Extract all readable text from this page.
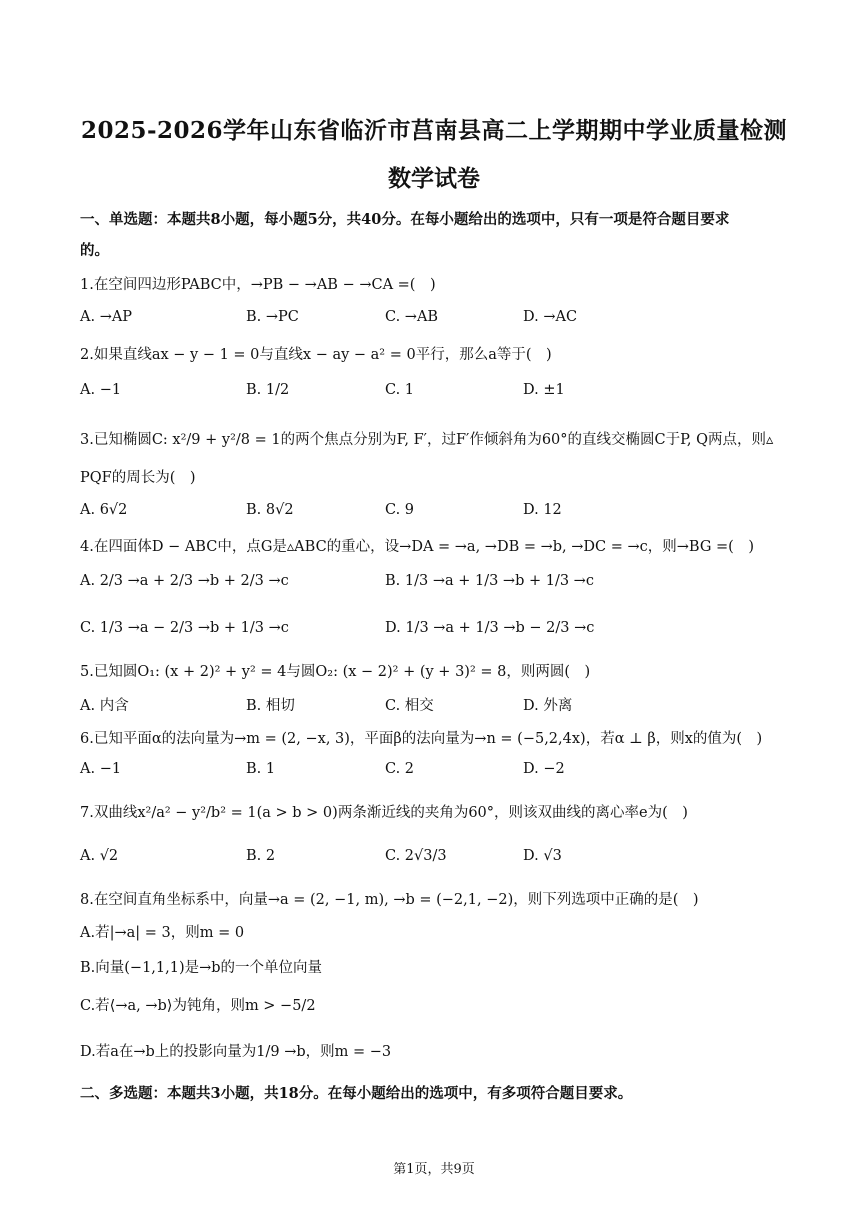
2025-2026学年山东省临沂市莒南县高二上学期期中学业质量检测
数学试卷
一、单选题：本题共8小题，每小题5分，共40分。在每小题给出的选项中，只有一项是符合题目要求
的。
1.在空间四边形PABC中，→PB − →AB − →CA =(　)
A. →AP	B. →PC	C. →AB	D. →AC
2.如果直线ax − y − 1 = 0与直线x − ay − a² = 0平行，那么a等于(　)
A. −1	B. 1/2	C. 1	D. ±1
3.已知椭圆C: x²/9 + y²/8 = 1的两个焦点分别为F, F′，过F′作倾斜角为60°的直线交椭圆C于P, Q两点，则▵
PQF的周长为(　)
A. 6√2	B. 8√2	C. 9	D. 12
4.在四面体D − ABC中，点G是▵ABC的重心，设→DA = →a, →DB = →b, →DC = →c，则→BG =(　)
A. 2/3 →a + 2/3 →b + 2/3 →c	B. 1/3 →a + 1/3 →b + 1/3 →c
C. 1/3 →a − 2/3 →b + 1/3 →c	D. 1/3 →a + 1/3 →b − 2/3 →c
5.已知圆O₁: (x + 2)² + y² = 4与圆O₂: (x − 2)² + (y + 3)² = 8，则两圆(　)
A. 内含	B. 相切	C. 相交	D. 外离
6.已知平面α的法向量为→m = (2, −x, 3)，平面β的法向量为→n = (−5,2,4x)，若α ⊥ β，则x的值为(　)
A. −1	B. 1	C. 2	D. −2
7.双曲线x²/a² − y²/b² = 1(a > b > 0)两条渐近线的夹角为60°，则该双曲线的离心率e为(　)
A. √2	B. 2	C. 2√3/3	D. √3
8.在空间直角坐标系中，向量→a = (2, −1, m), →b = (−2,1, −2)，则下列选项中正确的是(　)
A.若|→a| = 3，则m = 0
B.向量(−1,1,1)是→b的一个单位向量
C.若⟨→a, →b⟩为钝角，则m > −5/2
D.若a在→b上的投影向量为1/9 →b，则m = −3
二、多选题：本题共3小题，共18分。在每小题给出的选项中，有多项符合题目要求。
第1页，共9页
